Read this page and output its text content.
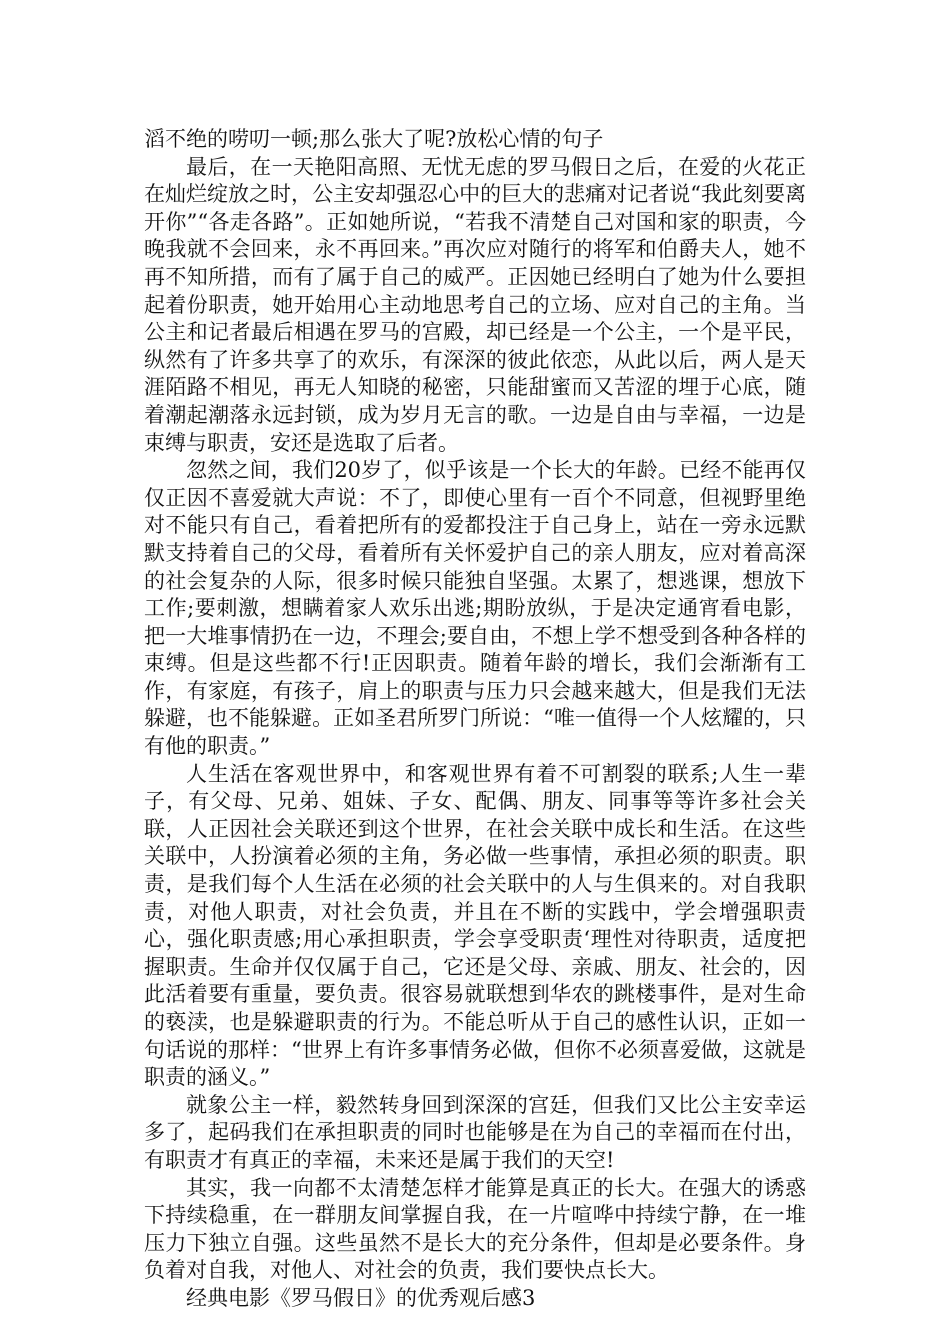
滔不绝的唠叨一顿;那么张大了呢?放松心情的句子

最后，在一天艳阳高照、无忧无虑的罗马假日之后，在爱的火花正在灿烂绽放之时，公主安却强忍心中的巨大的悲痛对记者说“我此刻要离开你”“各走各路”。正如她所说，“若我不清楚自己对国和家的职责，今晚我就不会回来，永不再回来。”再次应对随行的将军和伯爵夫人，她不再不知所措，而有了属于自己的威严。正因她已经明白了她为什么要担起着份职责，她开始用心主动地思考自己的立场、应对自己的主角。当公主和记者最后相遇在罗马的宫殿，却已经是一个公主，一个是平民，纵然有了许多共享了的欢乐，有深深的彼此依恋，从此以后，两人是天涯陌路不相见，再无人知晓的秘密，只能甜蜜而又苦涩的埋于心底，随着潮起潮落永远封锁，成为岁月无言的歌。一边是自由与幸福，一边是束缚与职责，安还是选取了后者。

忽然之间，我们20岁了，似乎该是一个长大的年龄。已经不能再仅仅正因不喜爱就大声说：不了，即使心里有一百个不同意，但视野里绝对不能只有自己，看着把所有的爱都投注于自己身上，站在一旁永远默默支持着自己的父母，看着所有关怀爱护自己的亲人朋友，应对着高深的社会复杂的人际，很多时候只能独自坚强。太累了，想逃课，想放下工作;要刺激，想瞒着家人欢乐出逃;期盼放纵，于是决定通宵看电影，把一大堆事情扔在一边，不理会;要自由，不想上学不想受到各种各样的束缚。但是这些都不行!正因职责。随着年龄的增长，我们会渐渐有工作，有家庭，有孩子，肩上的职责与压力只会越来越大，但是我们无法躲避，也不能躲避。正如圣君所罗门所说：“唯一值得一个人炫耀的，只有他的职责。”

人生活在客观世界中，和客观世界有着不可割裂的联系;人生一辈子，有父母、兄弟、姐妹、子女、配偶、朋友、同事等等许多社会关联，人正因社会关联还到这个世界，在社会关联中成长和生活。在这些关联中，人扮演着必须的主角，务必做一些事情，承担必须的职责。职责，是我们每个人生活在必须的社会关联中的人与生俱来的。对自我职责，对他人职责，对社会负责，并且在不断的实践中，学会增强职责心，强化职责感;用心承担职责，学会享受职责‘理性对待职责，适度把握职责。生命并仅仅属于自己，它还是父母、亲戚、朋友、社会的，因此活着要有重量，要负责。很容易就联想到华农的跳楼事件，是对生命的亵渎，也是躲避职责的行为。不能总听从于自己的感性认识，正如一句话说的那样：“世界上有许多事情务必做，但你不必须喜爱做，这就是职责的涵义。”

就象公主一样，毅然转身回到深深的宫廷，但我们又比公主安幸运多了，起码我们在承担职责的同时也能够是在为自己的幸福而在付出，有职责才有真正的幸福，未来还是属于我们的天空!

其实，我一向都不太清楚怎样才能算是真正的长大。在强大的诱惑下持续稳重，在一群朋友间掌握自我，在一片喧哗中持续宁静，在一堆压力下独立自强。这些虽然不是长大的充分条件，但却是必要条件。身负着对自我，对他人、对社会的负责，我们要快点长大。

经典电影《罗马假日》的优秀观后感3
